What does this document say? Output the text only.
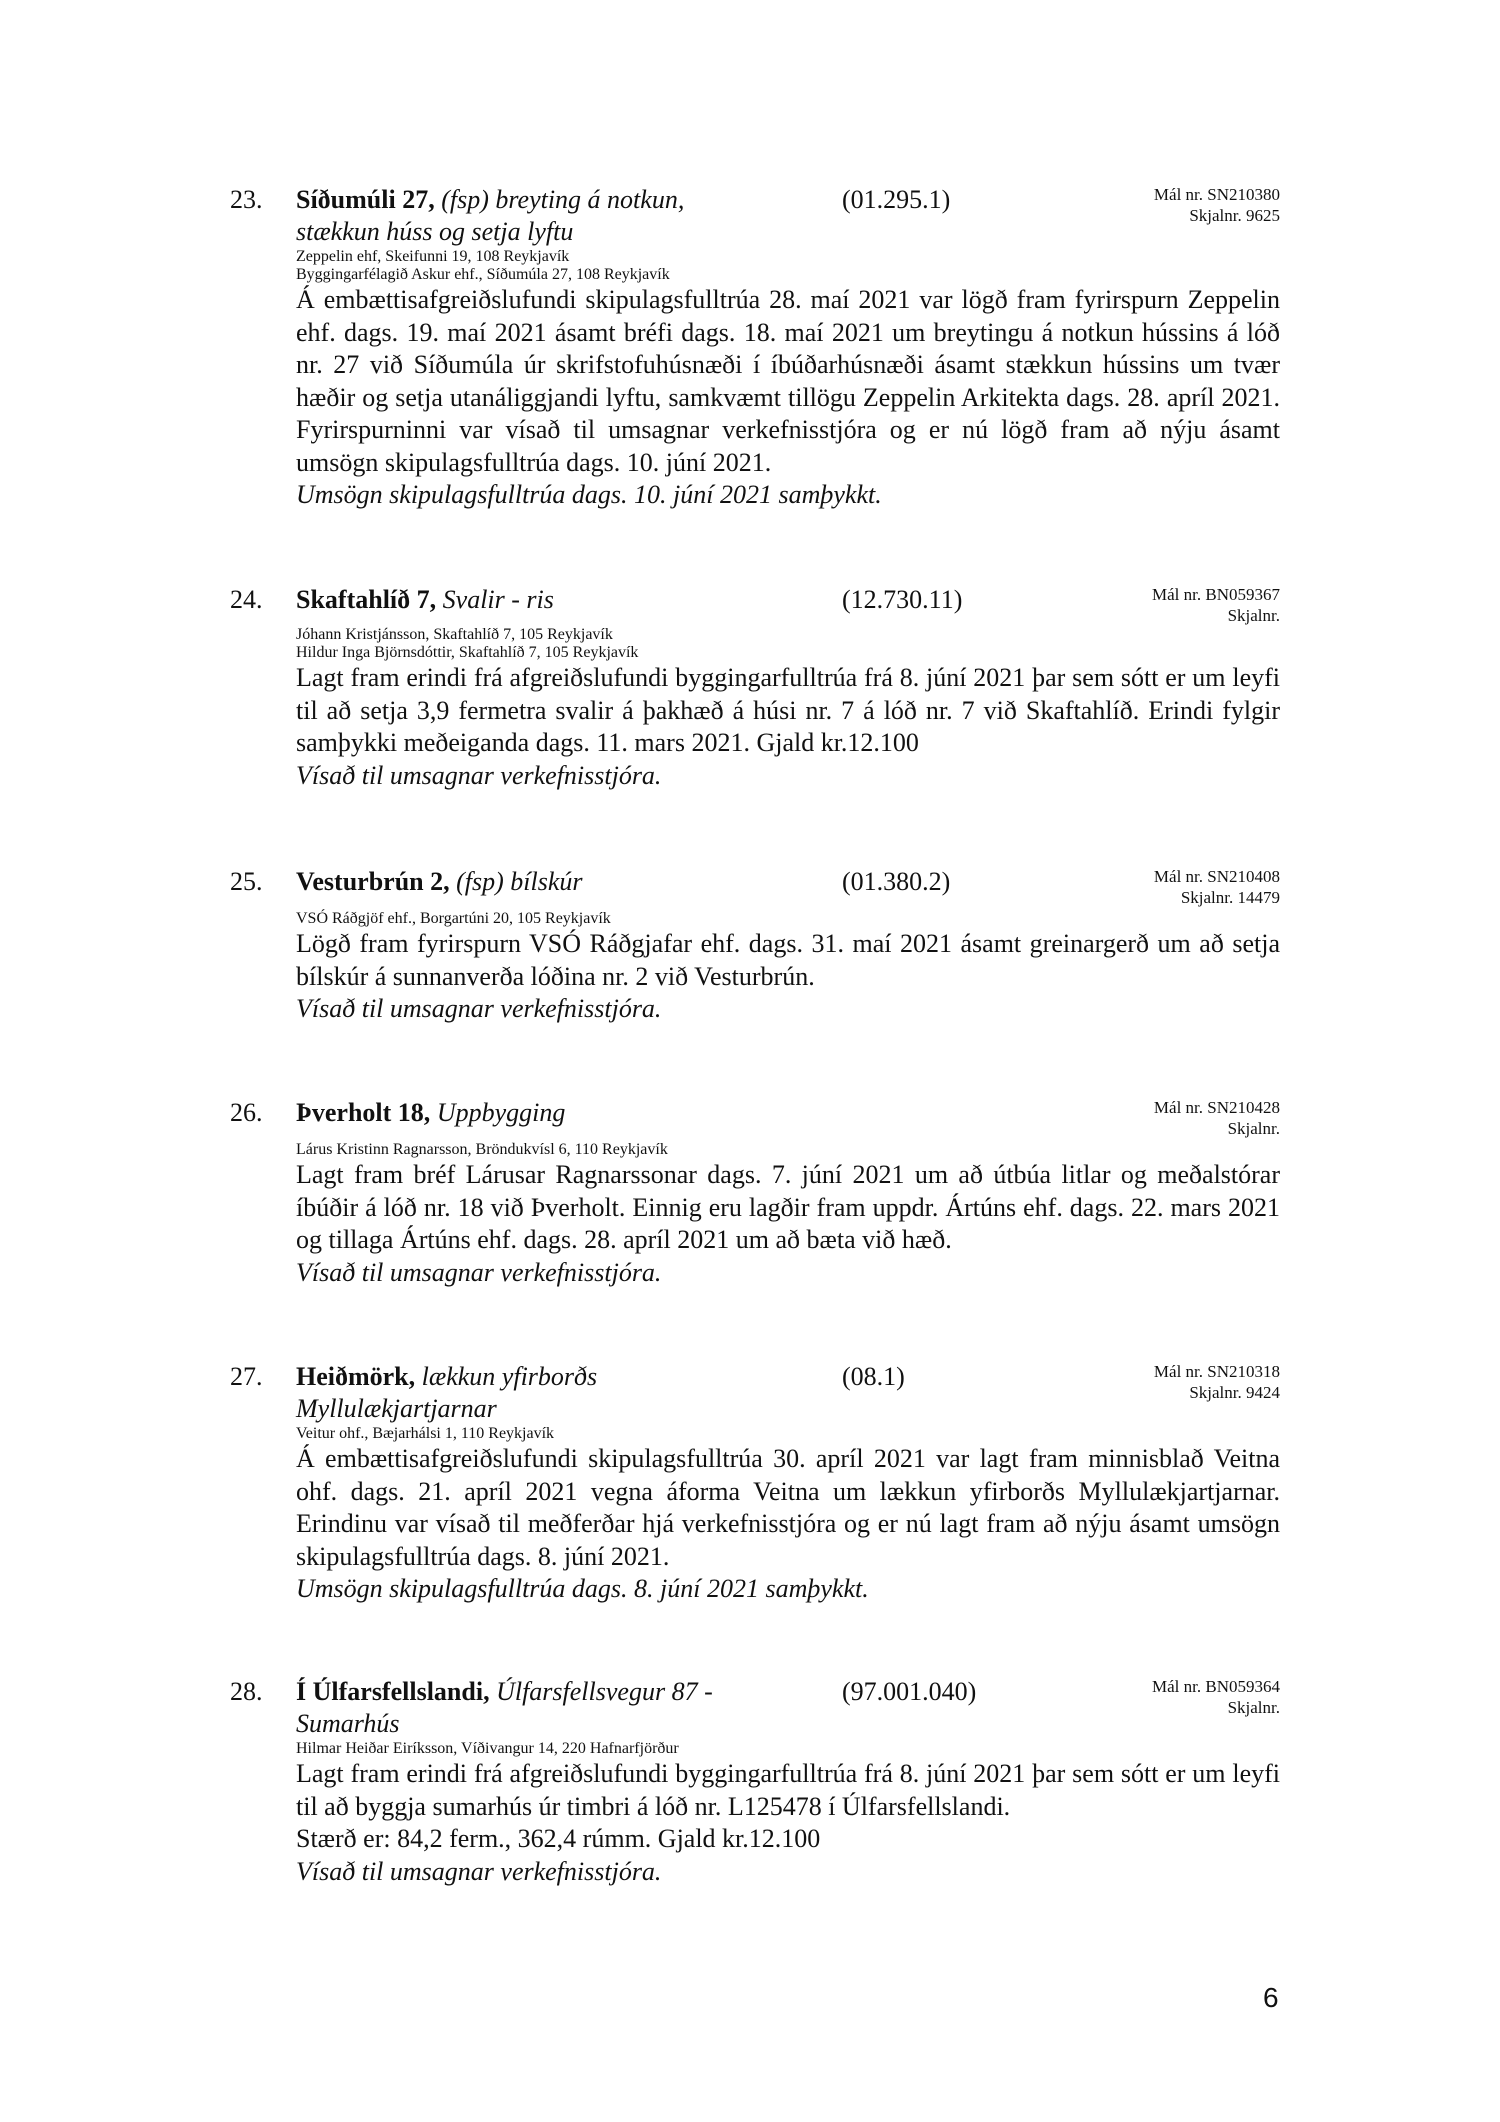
23. Síðumúli 27, (fsp) breyting á notkun,
stækkun húss og setja lyftu
(01.295.1)	Mál nr. SN210380
Skjalnr. 9625
Zeppelin ehf, Skeifunni 19, 108 Reykjavík
Byggingarfélagið Askur ehf., Síðumúla 27, 108 Reykjavík
Á embættisafgreiðslufundi skipulagsfulltrúa 28. maí 2021 var lögð fram fyrirspurn Zeppelin ehf. dags. 19. maí 2021 ásamt bréfi dags. 18. maí 2021 um breytingu á notkun hússins á lóð nr. 27 við Síðumúla úr skrifstofuhúsnæði í íbúðarhúsnæði ásamt stækkun hússins um tvær hæðir og setja utanáliggjandi lyftu, samkvæmt tillögu Zeppelin Arkitekta dags. 28. apríl 2021. Fyrirspurninni var vísað til umsagnar verkefnisstjóra og er nú lögð fram að nýju ásamt umsögn skipulagsfulltrúa dags. 10. júní 2021.
Umsögn skipulagsfulltrúa dags. 10. júní 2021 samþykkt.
24. Skaftahlíð 7, Svalir - ris	(12.730.11)	Mál nr. BN059367
Skjalnr.
Jóhann Kristjánsson, Skaftahlíð 7, 105 Reykjavík
Hildur Inga Björnsdóttir, Skaftahlíð 7, 105 Reykjavík
Lagt fram erindi frá afgreiðslufundi byggingarfulltrúa frá 8. júní 2021 þar sem sótt er um leyfi til að setja 3,9 fermetra svalir á þakhæð á húsi nr. 7 á lóð nr. 7 við Skaftahlíð. Erindi fylgir samþykki meðeiganda dags. 11. mars 2021. Gjald kr.12.100
Vísað til umsagnar verkefnisstjóra.
25. Vesturbrún 2, (fsp) bílskúr	(01.380.2)	Mál nr. SN210408
Skjalnr. 14479
VSÓ Ráðgjöf ehf., Borgartúni 20, 105 Reykjavík
Lögð fram fyrirspurn VSÓ Ráðgjafar ehf. dags. 31. maí 2021 ásamt greinargerð um að setja bílskúr á sunnanverða lóðina nr. 2 við Vesturbrún.
Vísað til umsagnar verkefnisstjóra.
26. Þverholt 18, Uppbygging	Mál nr. SN210428
Skjalnr.
Lárus Kristinn Ragnarsson, Bröndukvísl 6, 110 Reykjavík
Lagt fram bréf Lárusar Ragnarssonar dags. 7. júní 2021 um að útbúa litlar og meðalstórar íbúðir á lóð nr. 18 við Þverholt. Einnig eru lagðir fram uppdr. Ártúns ehf. dags. 22. mars 2021 og tillaga Ártúns ehf. dags. 28. apríl 2021 um að bæta við hæð.
Vísað til umsagnar verkefnisstjóra.
27. Heiðmörk, lækkun yfirborðs
Myllulækjartjarnar
(08.1)	Mál nr. SN210318
Skjalnr. 9424
Veitur ohf., Bæjarhálsi 1, 110 Reykjavík
Á embættisafgreiðslufundi skipulagsfulltrúa 30. apríl 2021 var lagt fram minnisblað Veitna ohf. dags. 21. apríl 2021 vegna áforma Veitna um lækkun yfirborðs Myllulækjartjarnar. Erindinu var vísað til meðferðar hjá verkefnisstjóra og er nú lagt fram að nýju ásamt umsögn skipulagsfulltrúa dags. 8. júní 2021.
Umsögn skipulagsfulltrúa dags. 8. júní 2021 samþykkt.
28. Í Úlfarsfellslandi, Úlfarsfellsvegur 87 -
Sumarhús
(97.001.040)	Mál nr. BN059364
Skjalnr.
Hilmar Heiðar Eiríksson, Víðivangur 14, 220 Hafnarfjörður

Lagt fram erindi frá afgreiðslufundi byggingarfulltrúa frá 8. júní 2021 þar sem sótt er um leyfi til að byggja sumarhús úr timbri á lóð nr. L125478 í Úlfarsfellslandi.

Stærð er: 84,2 ferm., 362,4 rúmm. Gjald kr.12.100

Vísað til umsagnar verkefnisstjóra.
6
